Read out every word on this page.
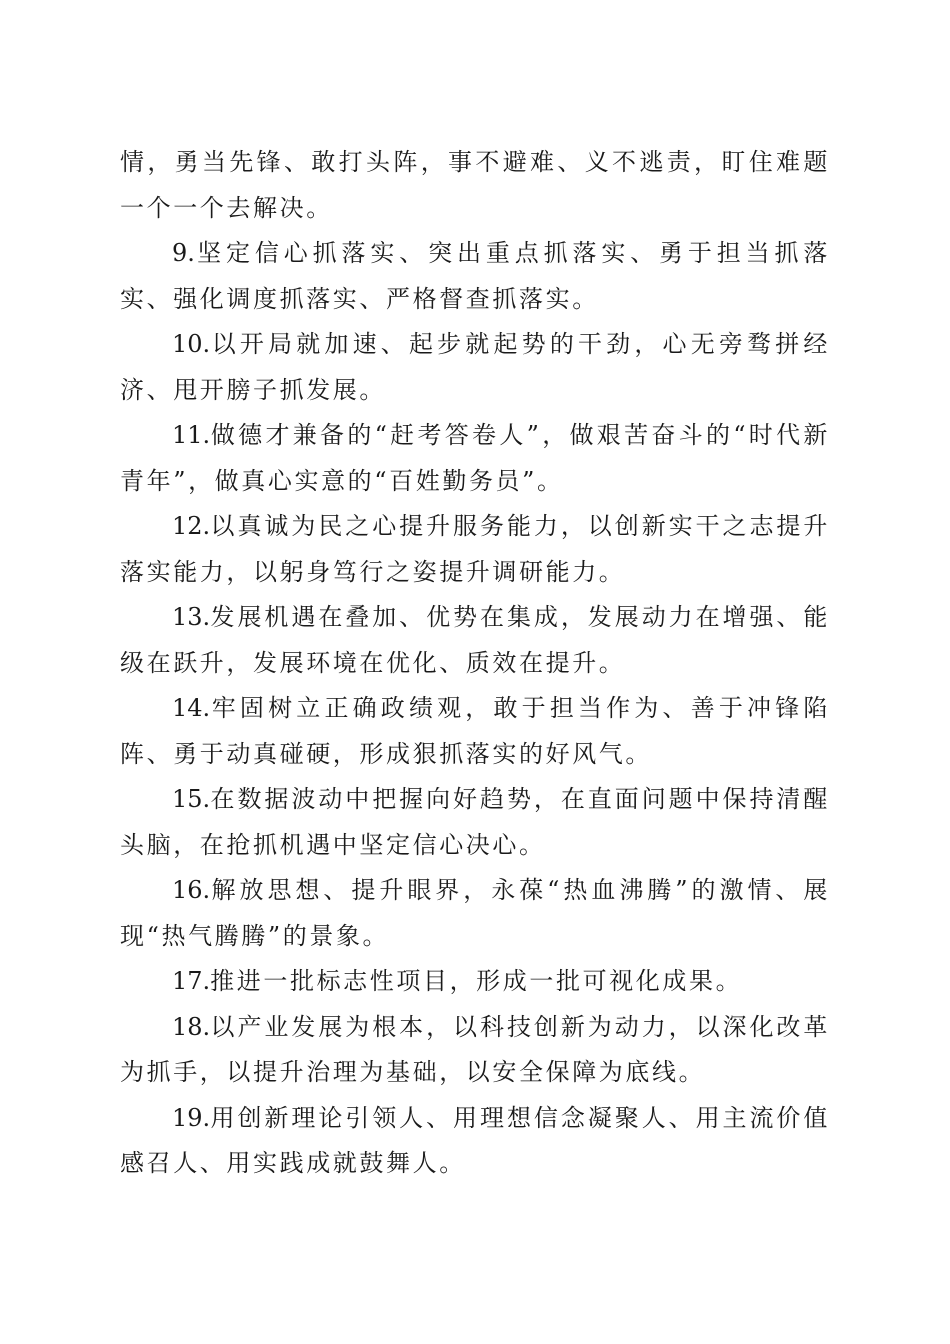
情，勇当先锋、敢打头阵，事不避难、义不逃责，盯住难题一个一个去解决。

9.坚定信心抓落实、突出重点抓落实、勇于担当抓落实、强化调度抓落实、严格督查抓落实。

10.以开局就加速、起步就起势的干劲，心无旁骛拼经济、甩开膀子抓发展。

11.做德才兼备的“赶考答卷人”，做艰苦奋斗的“时代新青年”，做真心实意的“百姓勤务员”。

12.以真诚为民之心提升服务能力，以创新实干之志提升落实能力，以躬身笃行之姿提升调研能力。

13.发展机遇在叠加、优势在集成，发展动力在增强、能级在跃升，发展环境在优化、质效在提升。

14.牢固树立正确政绩观，敢于担当作为、善于冲锋陷阵、勇于动真碰硬，形成狠抓落实的好风气。

15.在数据波动中把握向好趋势，在直面问题中保持清醒头脑，在抢抓机遇中坚定信心决心。

16.解放思想、提升眼界，永葆“热血沸腾”的激情、展现“热气腾腾”的景象。

17.推进一批标志性项目，形成一批可视化成果。

18.以产业发展为根本，以科技创新为动力，以深化改革为抓手，以提升治理为基础，以安全保障为底线。

19.用创新理论引领人、用理想信念凝聚人、用主流价值感召人、用实践成就鼓舞人。
